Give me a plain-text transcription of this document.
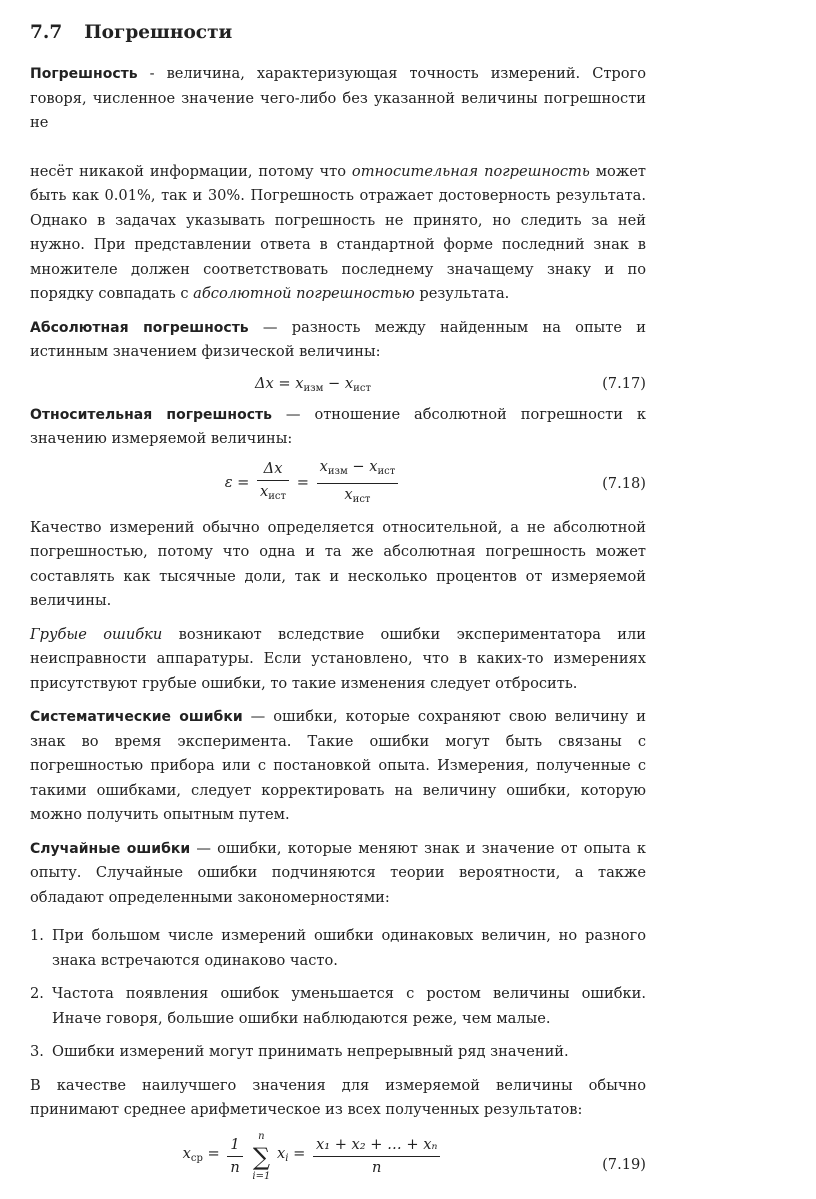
7.7 Погрешности

Погрешность - величина, характеризующая точность измерений. Строго говоря, численное значение чего-либо без указанной величины погрешности не

несёт никакой информации, потому что относительная погрешность может быть как 0.01%, так и 30%. Погрешность отражает достоверность результата. Однако в задачах указывать погрешность не принято, но следить за ней нужно. При представлении ответа в стандартной форме последний знак в множителе должен соответствовать последнему значащему знаку и по порядку совпадать с абсолютной погрешностью результата.

Абсолютная погрешность — разность между найденным на опыте и истинным значением физической величины:

$\Delta x = x_{изм} - x_{ист}$	(7.17)

Относительная погрешность — отношение абсолютной погрешности к значению измеряемой величины:

$\varepsilon = \frac{\Delta x}{x_{ист}} = \frac{x_{изм} - x_{ист}}{x_{ист}}$	(7.18)

Качество измерений обычно определяется относительной, а не абсолютной погрешностью, потому что одна и та же абсолютная погрешность может составлять как тысячные доли, так и несколько процентов от измеряемой величины.

Грубые ошибки возникают вследствие ошибки экспериментатора или неисправности аппаратуры. Если установлено, что в каких-то измерениях присутствуют грубые ошибки, то такие изменения следует отбросить.

Систематические ошибки — ошибки, которые сохраняют свою величину и знак во время эксперимента. Такие ошибки могут быть связаны с погрешностью прибора или с постановкой опыта. Измерения, полученные с такими ошибками, следует корректировать на величину ошибки, которую можно получить опытным путем.

Случайные ошибки — ошибки, которые меняют знак и значение от опыта к опыту. Случайные ошибки подчиняются теории вероятности, а также обладают определенными закономерностями:

1. При большом числе измерений ошибки одинаковых величин, но разного знака встречаются одинаково часто.
2. Частота появления ошибок уменьшается с ростом величины ошибки. Иначе говоря, большие ошибки наблюдаются реже, чем малые.
3. Ошибки измерений могут принимать непрерывный ряд значений.

В качестве наилучшего значения для измеряемой величины обычно принимают среднее арифметическое из всех полученных результатов:

$x_{ср} = \frac{1}{n}$
	n
∑
i=1
$x_i = \frac{\text{x₁ + x₂ + … + xₙ}}{n}$	(7.19)
